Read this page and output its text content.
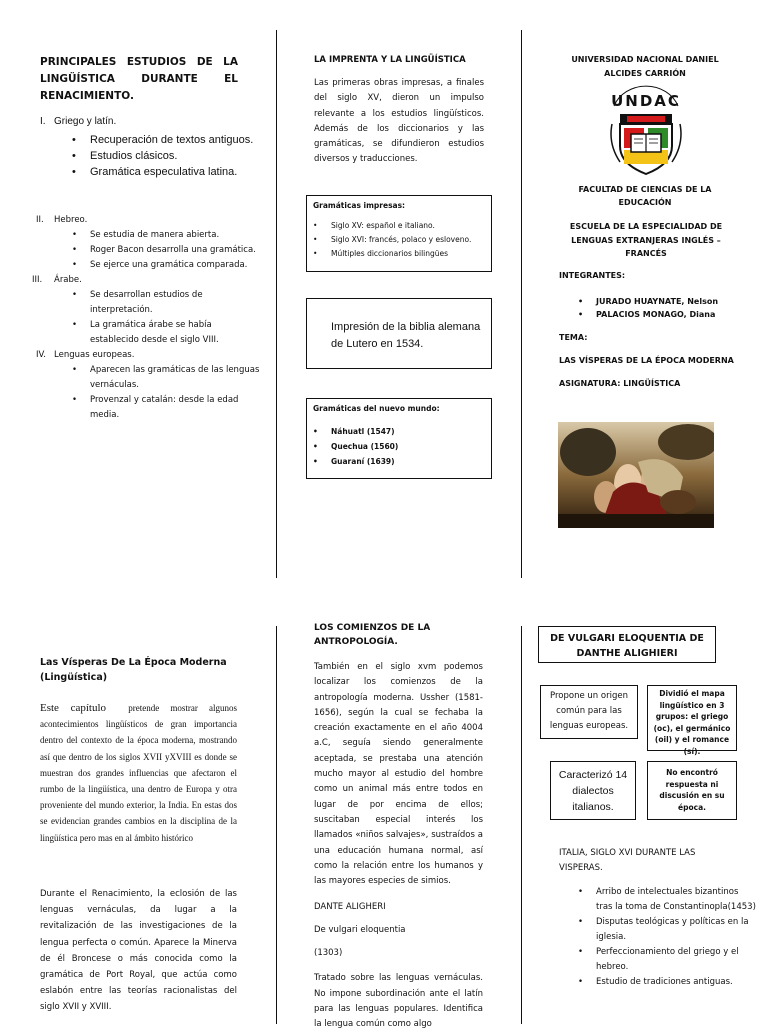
PRINCIPALES ESTUDIOS DE LA LINGÜÍSTICA DURANTE EL RENACIMIENTO.
I. Griego y latín.
• Recuperación de textos antiguos.
• Estudios clásicos.
• Gramática especulativa latina.
II. Hebreo.
• Se estudia de manera abierta.
• Roger Bacon desarrolla una gramática.
• Se ejerce una gramática comparada.
III. Árabe.
• Se desarrollan estudios de interpretación.
• La gramática árabe se había establecido desde el siglo VIII.
IV. Lenguas europeas.
• Aparecen las gramáticas de las lenguas vernáculas.
• Provenzal y catalán: desde la edad media.
LA IMPRENTA Y LA LINGÜÍSTICA
Las primeras obras impresas, a finales del siglo XV, dieron un impulso relevante a los estudios lingüísticos. Además de los diccionarios y las gramáticas, se difundieron estudios diversos y traducciones.
Gramáticas impresas:
• Siglo XV: español e italiano.
• Siglo XVI: francés, polaco y esloveno.
• Múltiples diccionarios bilingües
Impresión de la biblia alemana de Lutero en 1534.
Gramáticas del nuevo mundo:
• Náhuatl (1547)
• Quechua (1560)
• Guaraní (1639)
UNIVERSIDAD NACIONAL DANIEL ALCIDES CARRIÓN
UNDAC
FACULTAD DE CIENCIAS DE LA EDUCACIÓN
ESCUELA DE LA ESPECIALIDAD DE LENGUAS EXTRANJERAS INGLÉS – FRANCÉS
INTEGRANTES:
• JURADO HUAYNATE, Nelson
• PALACIOS MONAGO, Diana
TEMA:
LAS VÍSPERAS DE LA ÉPOCA MODERNA
ASIGNATURA: LINGÜÍSTICA
Las Vísperas De La Época Moderna (Lingüística)
Este capítulo pretende mostrar algunos acontecimientos lingüísticos de gran importancia dentro del contexto de la época moderna, mostrando así que dentro de los siglos XVII yXVIII es donde se muestran dos grandes influencias que afectaron el rumbo de la lingüística, una dentro de Europa y otra proveniente del mundo exterior, la India. En estas dos se evidencian grandes cambios en la disciplina de la lingüística pero mas en al ámbito histórico
Durante el Renacimiento, la eclosión de las lenguas vernáculas, da lugar a la revitalización de las investigaciones de la lengua perfecta o común. Aparece la Minerva de él Broncese o más conocida como la gramática de Port Royal, que actúa como eslabón entre las teorías racionalistas del siglo XVII y XVIII.
LOS COMIENZOS DE LA ANTROPOLOGÍA.
También en el siglo xvm podemos localizar los comienzos de la antropología moderna. Ussher (1581-1656), según la cual se fechaba la creación exactamente en el año 4004 a.C, seguía siendo generalmente aceptada, se prestaba una atención mucho mayor al estudio del hombre como un animal más entre todos en lugar de por encima de ellos; suscitaban especial interés los llamados «niños salvajes», sustraídos a una educación humana normal, así como la relación entre los humanos y las mayores especies de simios.
DANTE ALIGHERI
De vulgari eloquentia
(1303)
Tratado sobre las lenguas vernáculas. No impone subordinación ante el latín para las lenguas populares. Identifica la lengua común como algo
DE VULGARI ELOQUENTIA DE DANTHE ALIGHIERI
Propone un origen común para las lenguas europeas.
Dividió el mapa lingüístico en 3 grupos: el griego (oc), el germánico (oil) y el romance (sí).
Caracterizó 14 dialectos italianos.
No encontró respuesta ni discusión en su época.
ITALIA, SIGLO XVI DURANTE LAS VISPERAS.
• Arribo de intelectuales bizantinos tras la toma de Constantinopla(1453)
• Disputas teológicas y políticas en la iglesia.
• Perfeccionamiento del griego y el hebreo.
• Estudio de tradiciones antiguas.
